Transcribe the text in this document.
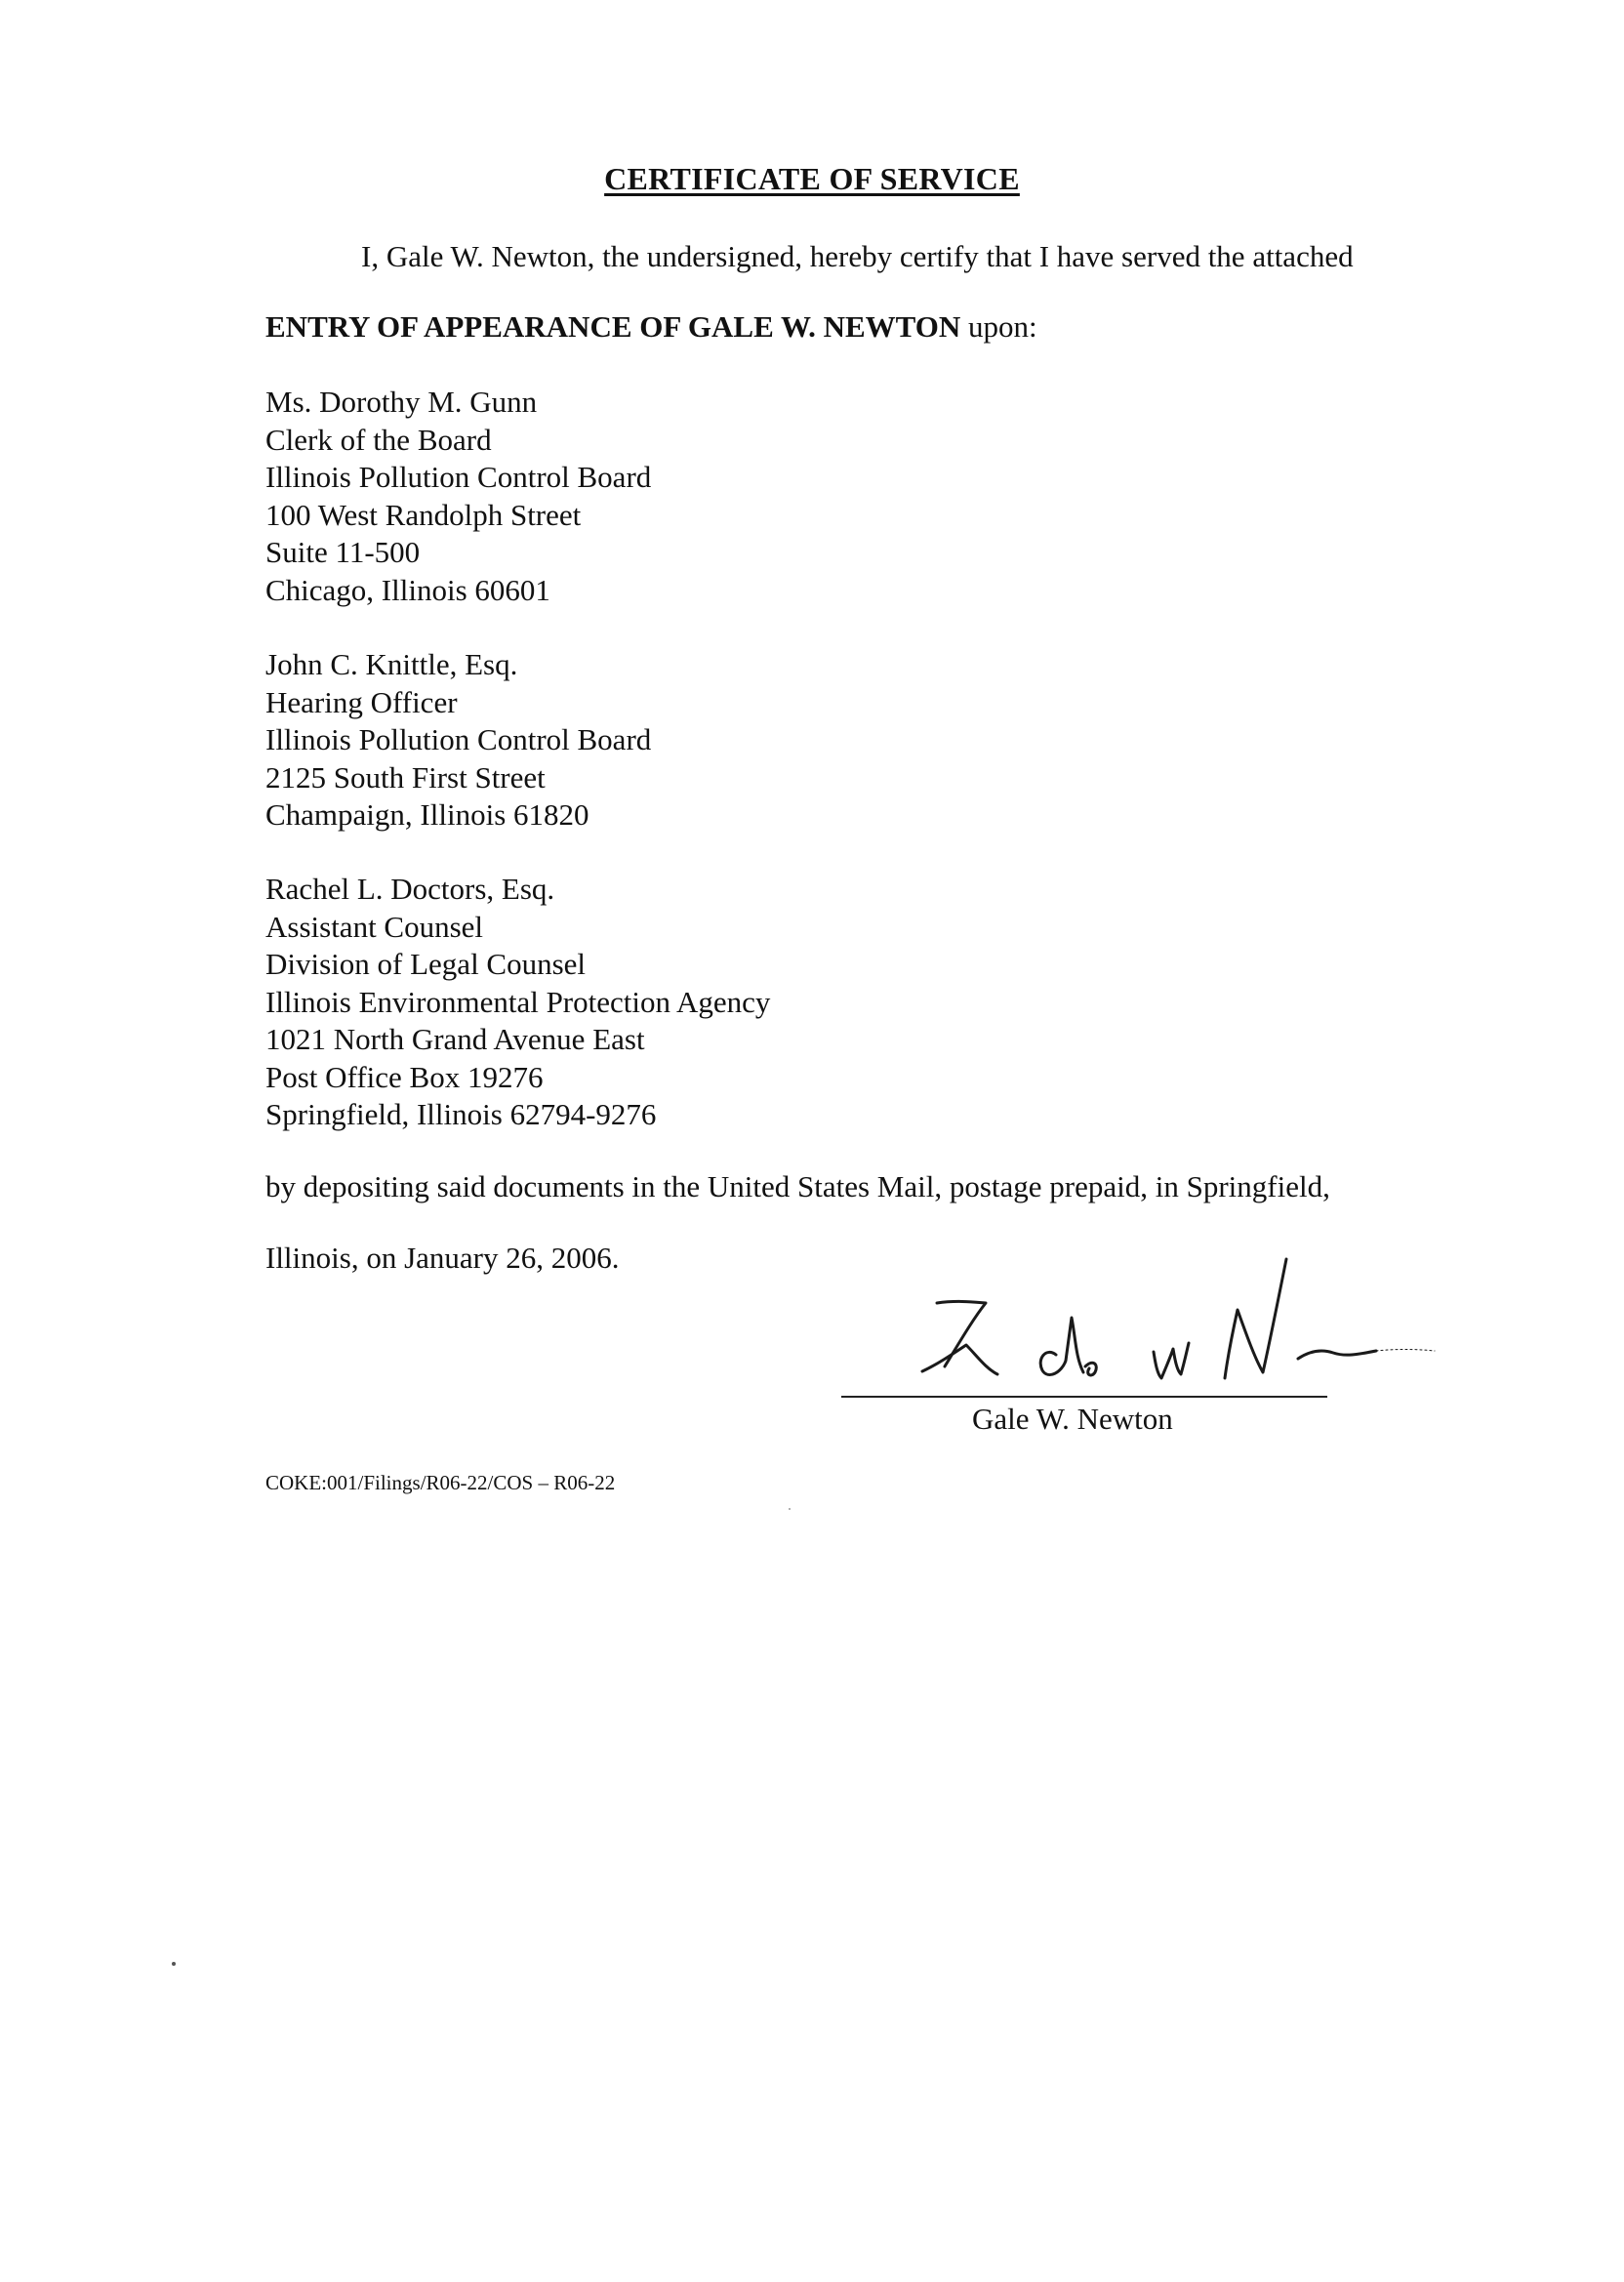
CERTIFICATE OF SERVICE
I, Gale W. Newton, the undersigned, hereby certify that I have served the attached
ENTRY OF APPEARANCE OF GALE W. NEWTON upon:
Ms. Dorothy M. Gunn
Clerk of the Board
Illinois Pollution Control Board
100 West Randolph Street
Suite 11-500
Chicago, Illinois 60601
John C. Knittle, Esq.
Hearing Officer
Illinois Pollution Control Board
2125 South First Street
Champaign, Illinois 61820
Rachel L. Doctors, Esq.
Assistant Counsel
Division of Legal Counsel
Illinois Environmental Protection Agency
1021 North Grand Avenue East
Post Office Box 19276
Springfield, Illinois 62794-9276
by depositing said documents in the United States Mail, postage prepaid, in Springfield,
Illinois, on January 26, 2006.
Gale W. Newton
COKE:001/Filings/R06-22/COS – R06-22
